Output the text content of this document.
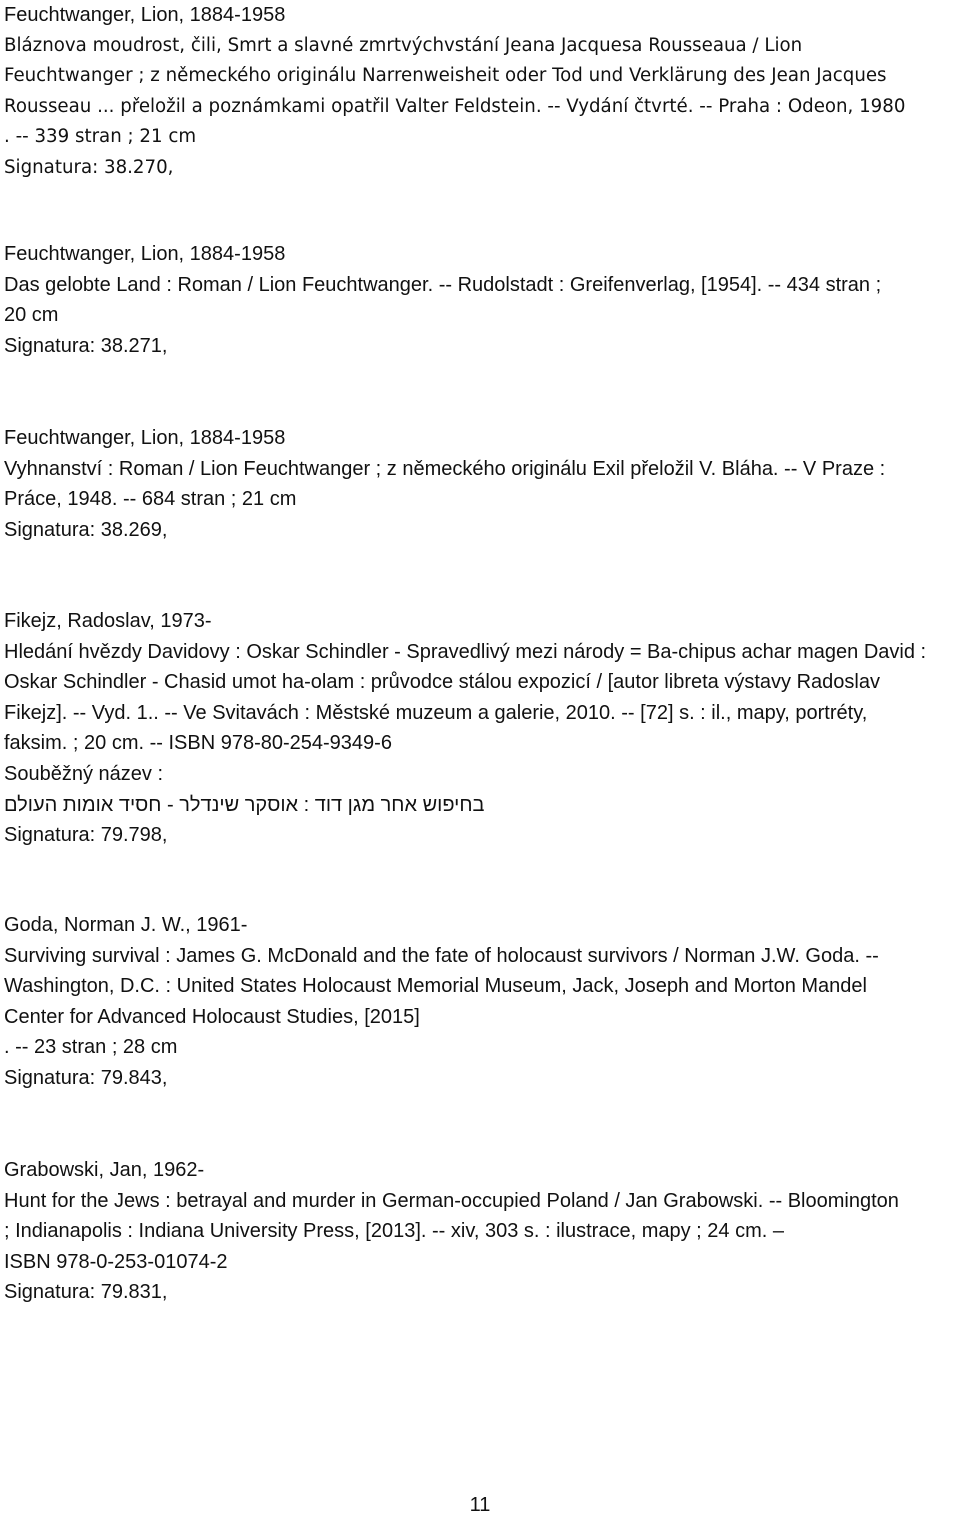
Feuchtwanger, Lion, 1884-1958
Bláznova moudrost, čili, Smrt a slavné zmrtvýchvstání Jeana Jacquesa Rousseaua / Lion
Feuchtwanger ; z německého originálu Narrenweisheit oder Tod und Verklärung des Jean Jacques
Rousseau ... přeložil a poznámkami opatřil Valter Feldstein. -- Vydání čtvrté. -- Praha : Odeon, 1980
. -- 339 stran ; 21 cm
Signatura: 38.270,
Feuchtwanger, Lion, 1884-1958
Das gelobte Land : Roman / Lion Feuchtwanger. -- Rudolstadt : Greifenverlag, [1954]. -- 434 stran ;
20 cm
Signatura: 38.271,
Feuchtwanger, Lion, 1884-1958
Vyhnanství : Roman / Lion Feuchtwanger ; z německého originálu Exil přeložil V. Bláha. -- V Praze :
Práce, 1948. -- 684 stran ; 21 cm
Signatura: 38.269,
Fikejz, Radoslav, 1973-
Hledání hvězdy Davidovy : Oskar Schindler - Spravedlivý mezi národy = Ba-chipus achar magen David :
Oskar Schindler - Chasid umot ha-olam : průvodce stálou expozicí / [autor libreta výstavy Radoslav
Fikejz]. -- Vyd. 1.. -- Ve Svitavách : Městské muzeum a galerie, 2010. -- [72] s. : il., mapy, portréty,
faksim. ; 20 cm. -- ISBN 978-80-254-9349-6
Souběžný název :
בחיפוש אחר מגן דוד : אוסקר שינדלר - חסיד אומות העולם
Signatura: 79.798,
Goda, Norman J. W., 1961-
Surviving survival : James G. McDonald and the fate of holocaust survivors / Norman J.W. Goda. --
Washington, D.C. : United States Holocaust Memorial Museum, Jack, Joseph and Morton Mandel
Center for Advanced Holocaust Studies, [2015]
. -- 23 stran ; 28 cm
Signatura: 79.843,
Grabowski, Jan, 1962-
Hunt for the Jews : betrayal and murder in German-occupied Poland / Jan Grabowski. -- Bloomington
; Indianapolis : Indiana University Press, [2013]. -- xiv, 303 s. : ilustrace, mapy ; 24 cm. –
ISBN 978-0-253-01074-2
Signatura: 79.831,
11
